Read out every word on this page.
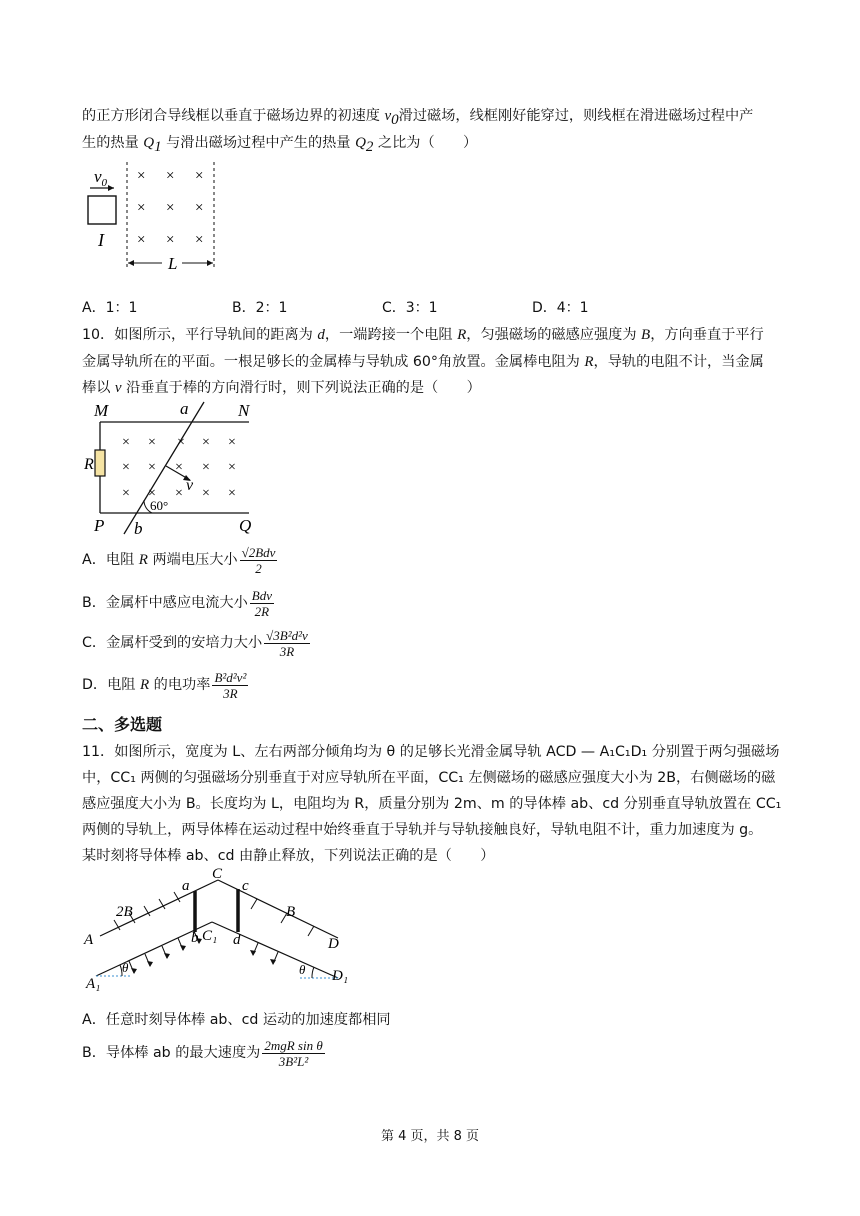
的正方形闭合导线框以垂直于磁场边界的初速度 $v_0$滑过磁场，线框刚好能穿过，则线框在滑进磁场过程中产
生的热量 $Q_1$ 与滑出磁场过程中产生的热量 $Q_2$ 之比为（　　）
$v_0$
I
× × ×
× × ×
× × ×
L
A．1：1	B．2：1	C．3：1	D．4：1
10．如图所示，平行导轨间的距离为 d，一端跨接一个电阻 R，匀强磁场的磁感应强度为 B，方向垂直于平行
金属导轨所在的平面。一根足够长的金属棒与导轨成 60°角放置。金属棒电阻为 R，导轨的电阻不计，当金属
棒以 v 沿垂直于棒的方向滑行时，则下列说法正确的是（　　）
M	a	N
R
× × × × ×
× × × × ×
× × × × ×
v
60°
P b	Q
A．电阻 R 两端电压大小 $\frac{\text{√2Bdv}}{2}$
B．金属杆中感应电流大小 $\frac{\text{Bdv}}{2R}$
C．金属杆受到的安培力大小 $\frac{\text{√3B²d²v}}{3R}$
D．电阻 R 的电功率 $\frac{\text{B²d²v²}}{3R}$
二、多选题
11．如图所示，宽度为 L、左右两部分倾角均为 θ 的足够长光滑金属导轨 ACD — A₁C₁D₁ 分别置于两匀强磁场
中，CC₁ 两侧的匀强磁场分别垂直于对应导轨所在平面，CC₁ 左侧磁场的磁感应强度大小为 2B，右侧磁场的磁
感应强度大小为 B。长度均为 L，电阻均为 R，质量分别为 2m、m 的导体棒 ab、cd 分别垂直导轨放置在 CC₁
两侧的导轨上，两导体棒在运动过程中始终垂直于导轨并与导轨接触良好，导轨电阻不计，重力加速度为 g。
某时刻将导体棒 ab、cd 由静止释放，下列说法正确的是（　　）
A
A₁
C
C₁	D
D₁
a
b
c
d
2B	B
θ	θ
A．任意时刻导体棒 ab、cd 运动的加速度都相同
B．导体棒 ab 的最大速度为 $\frac{\text{2mgR sin θ}}{\text{3B²L²}}$
第 4 页，共 8 页
